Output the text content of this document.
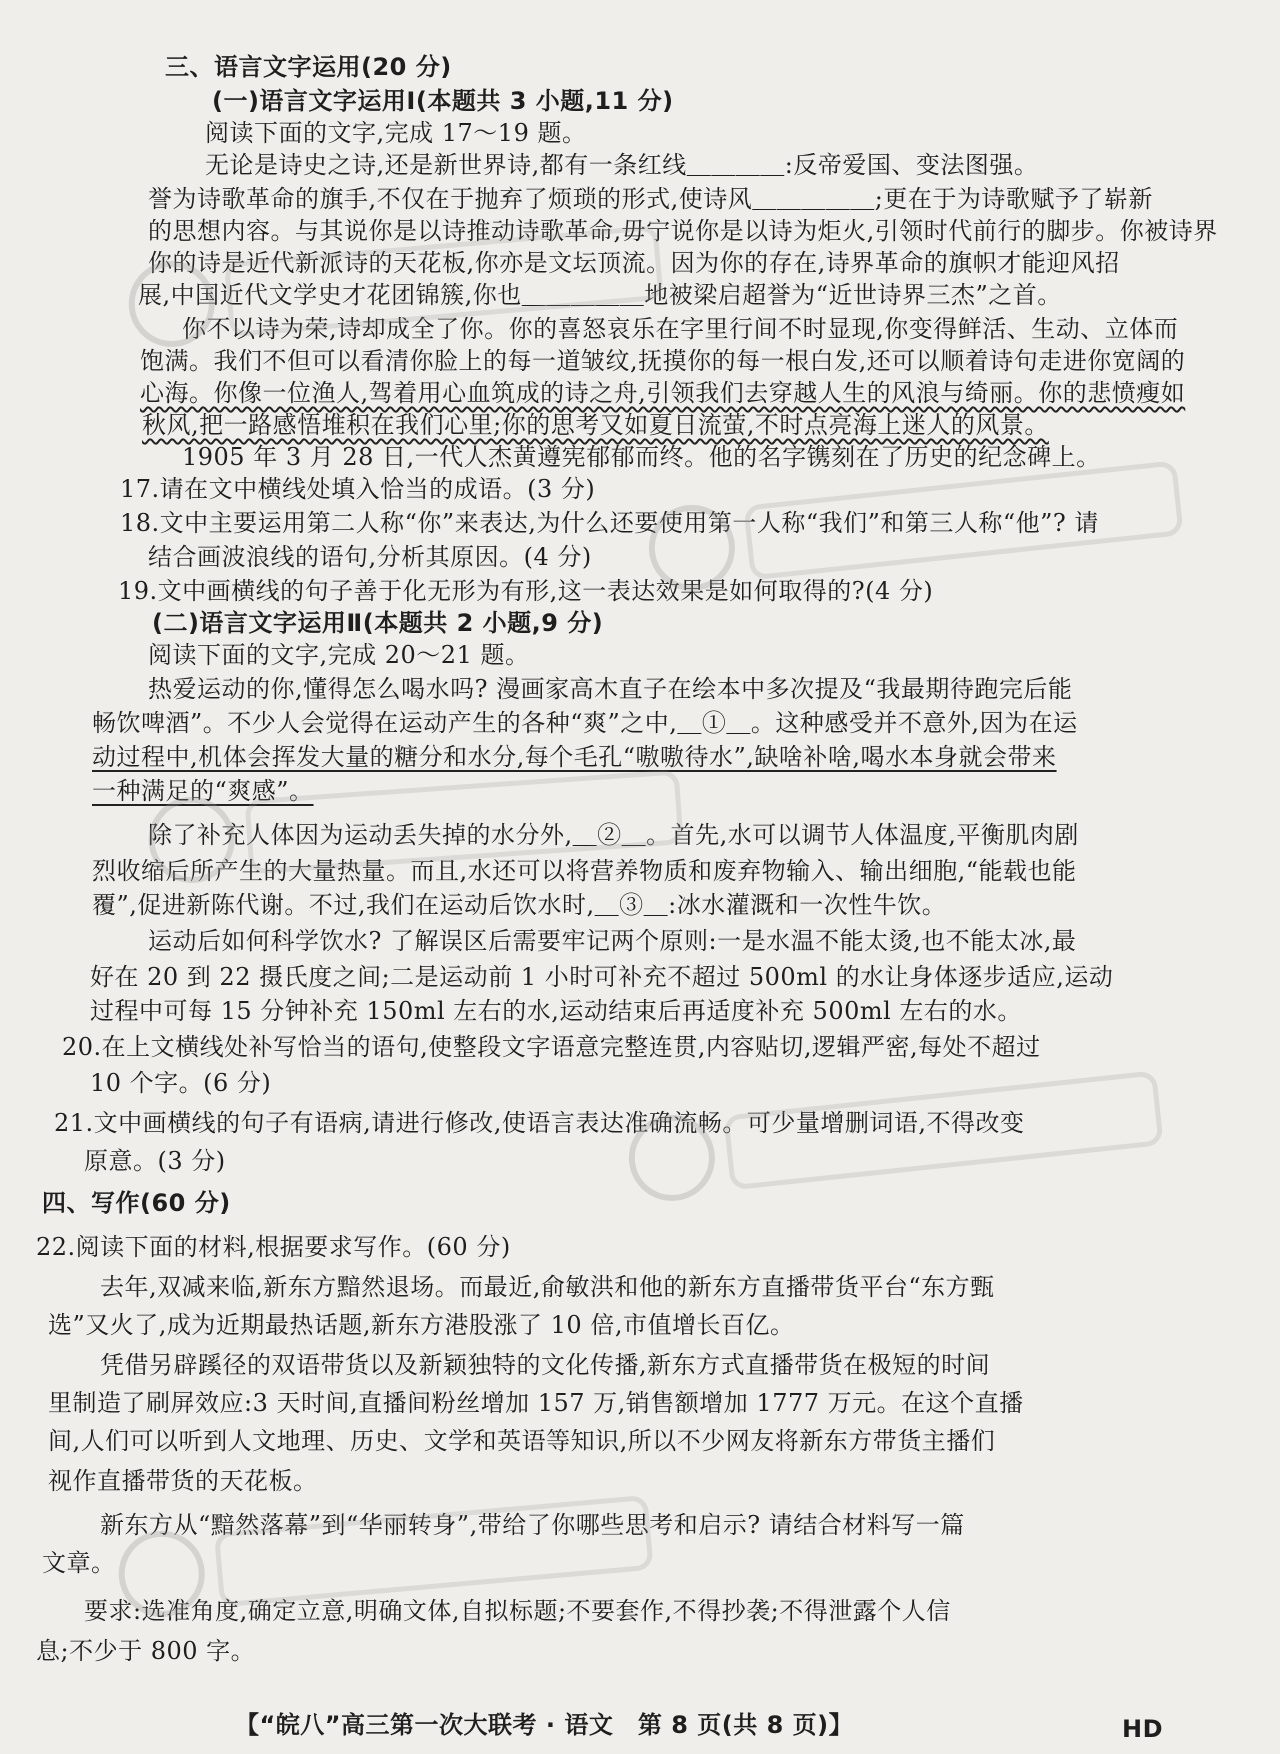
三、语言文字运用(20 分)
(一)语言文字运用Ⅰ(本题共 3 小题,11 分)
阅读下面的文字,完成 17～19 题。
无论是诗史之诗,还是新世界诗,都有一条红线＿＿＿＿:反帝爱国、变法图强。
誉为诗歌革命的旗手,不仅在于抛弃了烦琐的形式,使诗风＿＿＿＿＿;更在于为诗歌赋予了崭新
的思想内容。与其说你是以诗推动诗歌革命,毋宁说你是以诗为炬火,引领时代前行的脚步。你被诗界
你的诗是近代新派诗的天花板,你亦是文坛顶流。因为你的存在,诗界革命的旗帜才能迎风招
展,中国近代文学史才花团锦簇,你也＿＿＿＿＿地被梁启超誉为“近世诗界三杰”之首。
你不以诗为荣,诗却成全了你。你的喜怒哀乐在字里行间不时显现,你变得鲜活、生动、立体而
饱满。我们不但可以看清你脸上的每一道皱纹,抚摸你的每一根白发,还可以顺着诗句走进你宽阔的
心海。你像一位渔人,驾着用心血筑成的诗之舟,引领我们去穿越人生的风浪与绮丽。你的悲愤瘦如
秋风,把一路感悟堆积在我们心里;你的思考又如夏日流萤,不时点亮海上迷人的风景。
1905 年 3 月 28 日,一代人杰黄遵宪郁郁而终。他的名字镌刻在了历史的纪念碑上。
17.请在文中横线处填入恰当的成语。(3 分)
18.文中主要运用第二人称“你”来表达,为什么还要使用第一人称“我们”和第三人称“他”? 请
结合画波浪线的语句,分析其原因。(4 分)
19.文中画横线的句子善于化无形为有形,这一表达效果是如何取得的?(4 分)
(二)语言文字运用Ⅱ(本题共 2 小题,9 分)
阅读下面的文字,完成 20～21 题。
热爱运动的你,懂得怎么喝水吗? 漫画家高木直子在绘本中多次提及“我最期待跑完后能
畅饮啤酒”。不少人会觉得在运动产生的各种“爽”之中,＿①＿。这种感受并不意外,因为在运
动过程中,机体会挥发大量的糖分和水分,每个毛孔“嗷嗷待水”,缺啥补啥,喝水本身就会带来
一种满足的“爽感”。
除了补充人体因为运动丢失掉的水分外,＿②＿。首先,水可以调节人体温度,平衡肌肉剧
烈收缩后所产生的大量热量。而且,水还可以将营养物质和废弃物输入、输出细胞,“能载也能
覆”,促进新陈代谢。不过,我们在运动后饮水时,＿③＿:冰水灌溉和一次性牛饮。
运动后如何科学饮水? 了解误区后需要牢记两个原则:一是水温不能太烫,也不能太冰,最
好在 20 到 22 摄氏度之间;二是运动前 1 小时可补充不超过 500ml 的水让身体逐步适应,运动
过程中可每 15 分钟补充 150ml 左右的水,运动结束后再适度补充 500ml 左右的水。
20.在上文横线处补写恰当的语句,使整段文字语意完整连贯,内容贴切,逻辑严密,每处不超过
10 个字。(6 分)
21.文中画横线的句子有语病,请进行修改,使语言表达准确流畅。可少量增删词语,不得改变
原意。(3 分)
四、写作(60 分)
22.阅读下面的材料,根据要求写作。(60 分)
去年,双减来临,新东方黯然退场。而最近,俞敏洪和他的新东方直播带货平台“东方甄
选”又火了,成为近期最热话题,新东方港股涨了 10 倍,市值增长百亿。
凭借另辟蹊径的双语带货以及新颖独特的文化传播,新东方式直播带货在极短的时间
里制造了刷屏效应:3 天时间,直播间粉丝增加 157 万,销售额增加 1777 万元。在这个直播
间,人们可以听到人文地理、历史、文学和英语等知识,所以不少网友将新东方带货主播们
视作直播带货的天花板。
新东方从“黯然落幕”到“华丽转身”,带给了你哪些思考和启示? 请结合材料写一篇
文章。
要求:选准角度,确定立意,明确文体,自拟标题;不要套作,不得抄袭;不得泄露个人信
息;不少于 800 字。
【“皖八”高三第一次大联考 · 语文　第 8 页(共 8 页)】	HD
